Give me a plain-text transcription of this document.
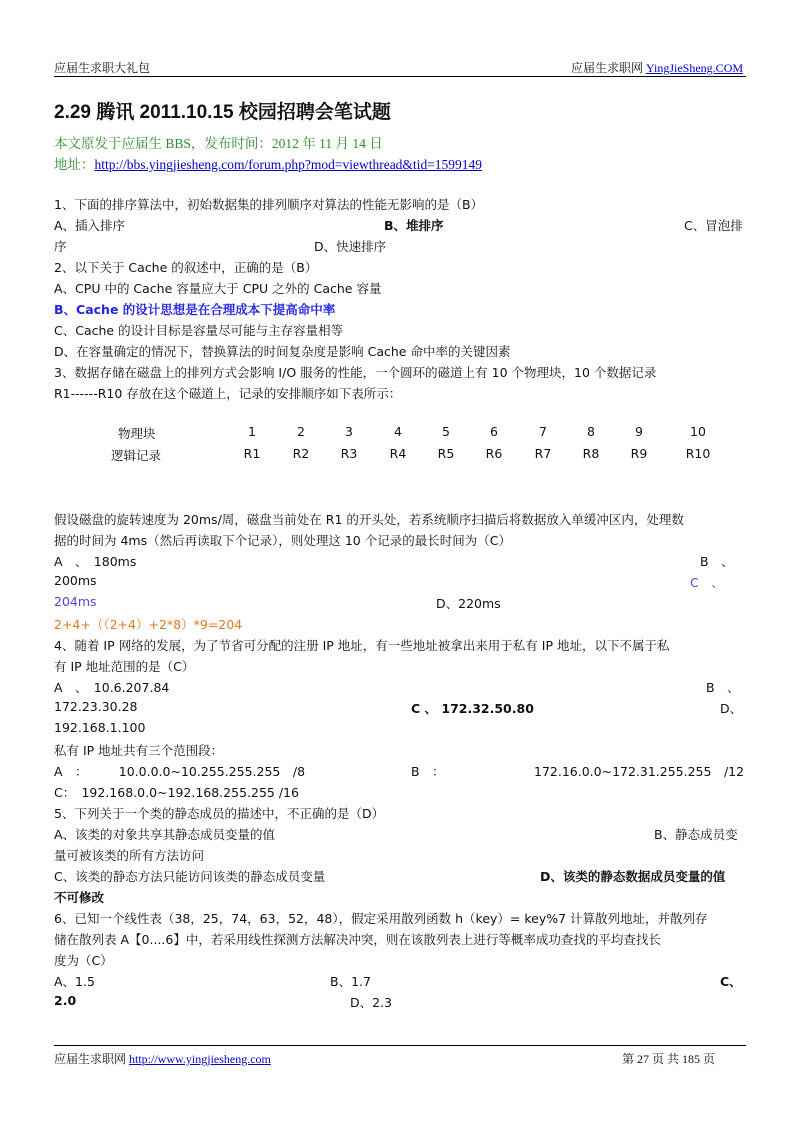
应届生求职大礼包	应届生求职网 YingJieSheng.COM
2.29 腾讯 2011.10.15 校园招聘会笔试题
本文原发于应届生 BBS，发布时间：2012 年 11 月 14 日
地址：http://bbs.yingjiesheng.com/forum.php?mod=viewthread&tid=1599149
1、下面的排序算法中，初始数据集的排列顺序对算法的性能无影响的是（B）
A、插入排序	B、堆排序	C、冒泡排
序	D、快速排序
2、以下关于 Cache 的叙述中，正确的是（B）
A、CPU 中的 Cache 容量应大于 CPU 之外的 Cache 容量
B、Cache 的设计思想是在合理成本下提高命中率
C、Cache 的设计目标是容量尽可能与主存容量相等
D、在容量确定的情况下，替换算法的时间复杂度是影响 Cache 命中率的关键因素
3、数据存储在磁盘上的排列方式会影响 I/O 服务的性能，一个圆环的磁道上有 10 个物理块，10 个数据记录
R1------R10 存放在这个磁道上，记录的安排顺序如下表所示：
物理块	1	2	3	4	5	6	7	8	9	10
逻辑记录	R1	R2	R3	R4	R5	R6	R7	R8	R9	R10
假设磁盘的旋转速度为 20ms/周，磁盘当前处在 R1 的开头处，若系统顺序扫描后将数据放入单缓冲区内，处理数
据的时间为 4ms（然后再读取下个记录），则处理这 10 个记录的最长时间为（C）
A　、　180ms	B　、
200ms	C　、
204ms	D、220ms
2+4+（（2+4）+2*8）*9=204
4、随着 IP 网络的发展，为了节省可分配的注册 IP 地址，有一些地址被拿出来用于私有 IP 地址，以下不属于私
有 IP 地址范围的是（C）
A　、　10.6.207.84	B　、
172.23.30.28	C 、 172.32.50.80	D、
192.168.1.100
私有 IP 地址共有三个范围段：
A　：　　　10.0.0.0~10.255.255.255　/8	B　：	172.16.0.0~172.31.255.255　/12
C：　192.168.0.0~192.168.255.255 /16
5、下列关于一个类的静态成员的描述中，不正确的是（D）
A、该类的对象共享其静态成员变量的值	B、静态成员变
量可被该类的所有方法访问
C、该类的静态方法只能访问该类的静态成员变量	D、该类的静态数据成员变量的值
不可修改
6、已知一个线性表（38，25，74，63，52，48），假定采用散列函数 h（key）= key%7 计算散列地址，并散列存
储在散列表 A【0....6】中，若采用线性探测方法解决冲突，则在该散列表上进行等概率成功查找的平均查找长
度为（C）
A、1.5	B、1.7	C、
2.0	D、2.3
应届生求职网 http://www.yingjiesheng.com	第 27 页 共 185 页
